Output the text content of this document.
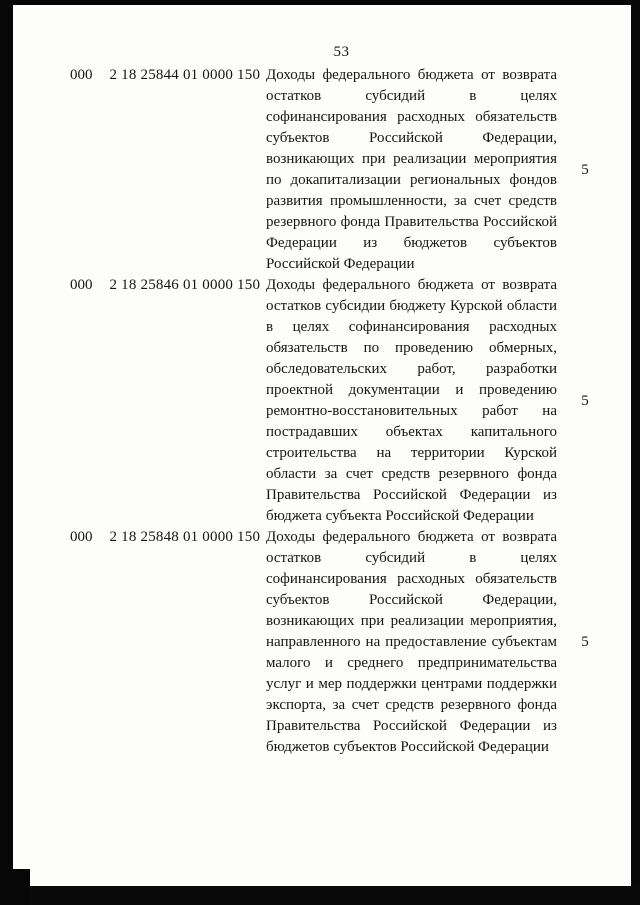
53
000 2 18 25844 01 0000 150 Доходы федерального бюджета от возврата остатков субсидий в целях софинансирования расходных обязательств субъектов Российской Федерации, возникающих при реализации мероприятия по докапитализации региональных фондов развития промышленности, за счет средств резервного фонда Правительства Российской Федерации из бюджетов субъектов Российской Федерации
5
000 2 18 25846 01 0000 150 Доходы федерального бюджета от возврата остатков субсидии бюджету Курской области в целях софинансирования расходных обязательств по проведению обмерных, обследовательских работ, разработки проектной документации и проведению ремонтно-восстановительных работ на пострадавших объектах капитального строительства на территории Курской области за счет средств резервного фонда Правительства Российской Федерации из бюджета субъекта Российской Федерации
5
000 2 18 25848 01 0000 150 Доходы федерального бюджета от возврата остатков субсидий в целях софинансирования расходных обязательств субъектов Российской Федерации, возникающих при реализации мероприятия, направленного на предоставление субъектам малого и среднего предпринимательства услуг и мер поддержки центрами поддержки экспорта, за счет средств резервного фонда Правительства Российской Федерации из бюджетов субъектов Российской Федерации
5
